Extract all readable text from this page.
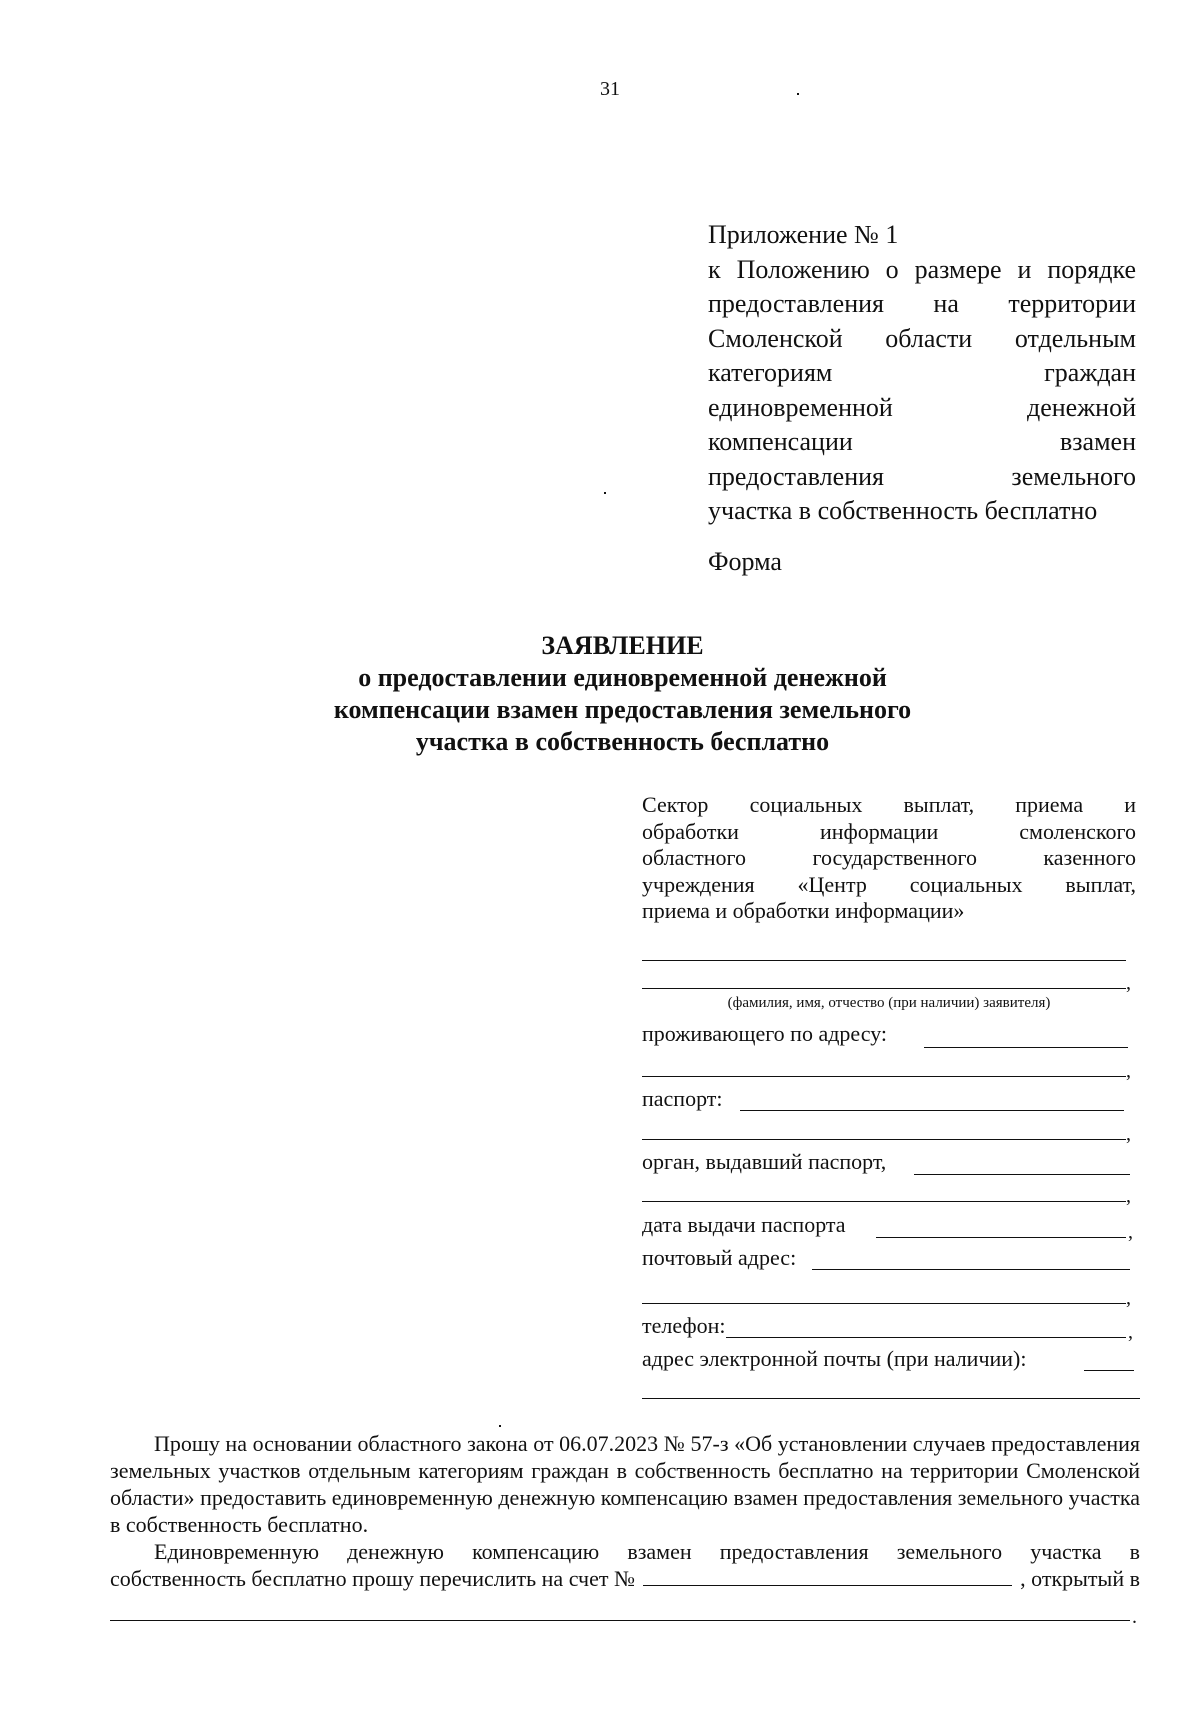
31
Приложение № 1
к Положению о размере и порядке
предоставления на территории
Смоленской области отдельным
категориям граждан
единовременной денежной
компенсации взамен
предоставления земельного
участка в собственность бесплатно
Форма
ЗАЯВЛЕНИЕ
о предоставлении единовременной денежной
компенсации взамен предоставления земельного
участка в собственность бесплатно
Сектор социальных выплат, приема и
обработки информации смоленского
областного государственного казенного
учреждения «Центр социальных выплат,
приема и обработки информации»
,
(фамилия, имя, отчество (при наличии) заявителя)
проживающего по адресу:
,
паспорт:
,
орган, выдавший паспорт,
,
дата выдачи паспорта	,
почтовый адрес:
,
телефон:	,
адрес электронной почты (при наличии):
Прошу на основании областного закона от 06.07.2023 № 57-з «Об установлении случаев предоставления земельных участков отдельным категориям граждан в собственность бесплатно на территории Смоленской области» предоставить единовременную денежную компенсацию взамен предоставления земельного участка в собственность бесплатно.
Единовременную денежную компенсацию взамен предоставления земельного участка в
собственность бесплатно прошу перечислить на счет №	, открытый в
.
